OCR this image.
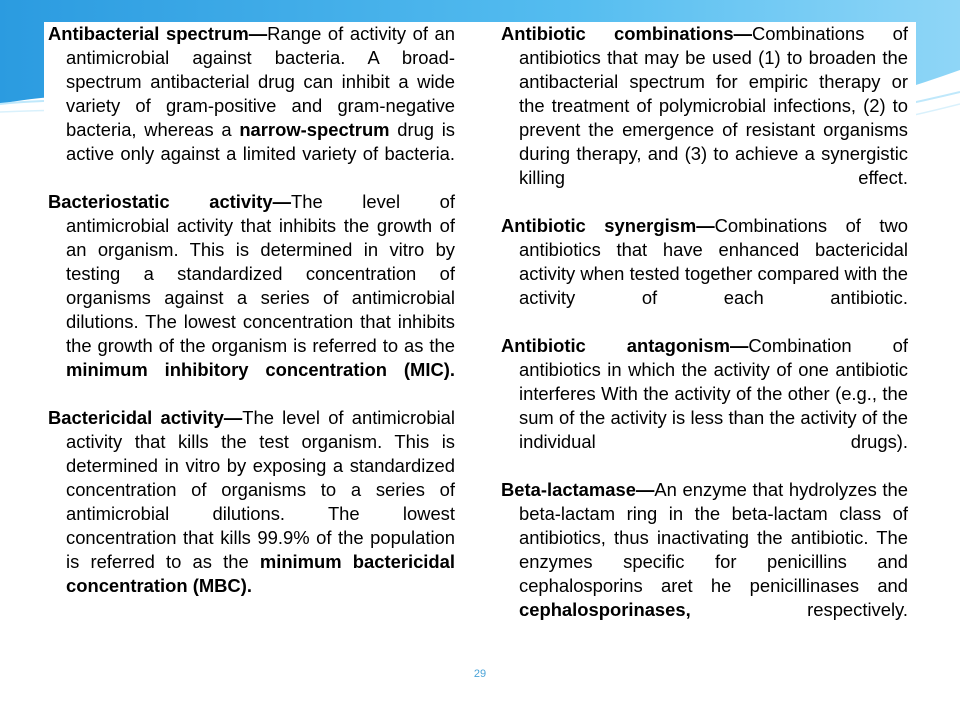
Antibacterial spectrum—Range of activity of an antimicrobial against bacteria. A broad-spectrum antibacterial drug can inhibit a wide variety of gram-positive and gram-negative bacteria, whereas a narrow-spectrum drug is active only against a limited variety of bacteria.

Bacteriostatic activity—The level of antimicrobial activity that inhibits the growth of an organism. This is determined in vitro by testing a standardized concentration of organisms against a series of antimicrobial dilutions. The lowest concentration that inhibits the growth of the organism is referred to as the minimum inhibitory concentration (MIC).

Bactericidal activity—The level of antimicrobial activity that kills the test organism. This is determined in vitro by exposing a standardized concentration of organisms to a series of antimicrobial dilutions. The lowest concentration that kills 99.9% of the population is referred to as the minimum bactericidal concentration (MBC).

Antibiotic combinations—Combinations of antibiotics that may be used (1) to broaden the antibacterial spectrum for empiric therapy or the treatment of polymicrobial infections, (2) to prevent the emergence of resistant organisms during therapy, and (3) to achieve a synergistic killing effect.

Antibiotic synergism—Combinations of two antibiotics that have enhanced bactericidal activity when tested together compared with the activity of each antibiotic.

Antibiotic antagonism—Combination of antibiotics in which the activity of one antibiotic interferes With the activity of the other (e.g., the sum of the activity is less than the activity of the individual drugs).

Beta-lactamase—An enzyme that hydrolyzes the beta-lactam ring in the beta-lactam class of antibiotics, thus inactivating the antibiotic. The enzymes specific for penicillins and cephalosporins aret he penicillinases and cephalosporinases, respectively.

29
